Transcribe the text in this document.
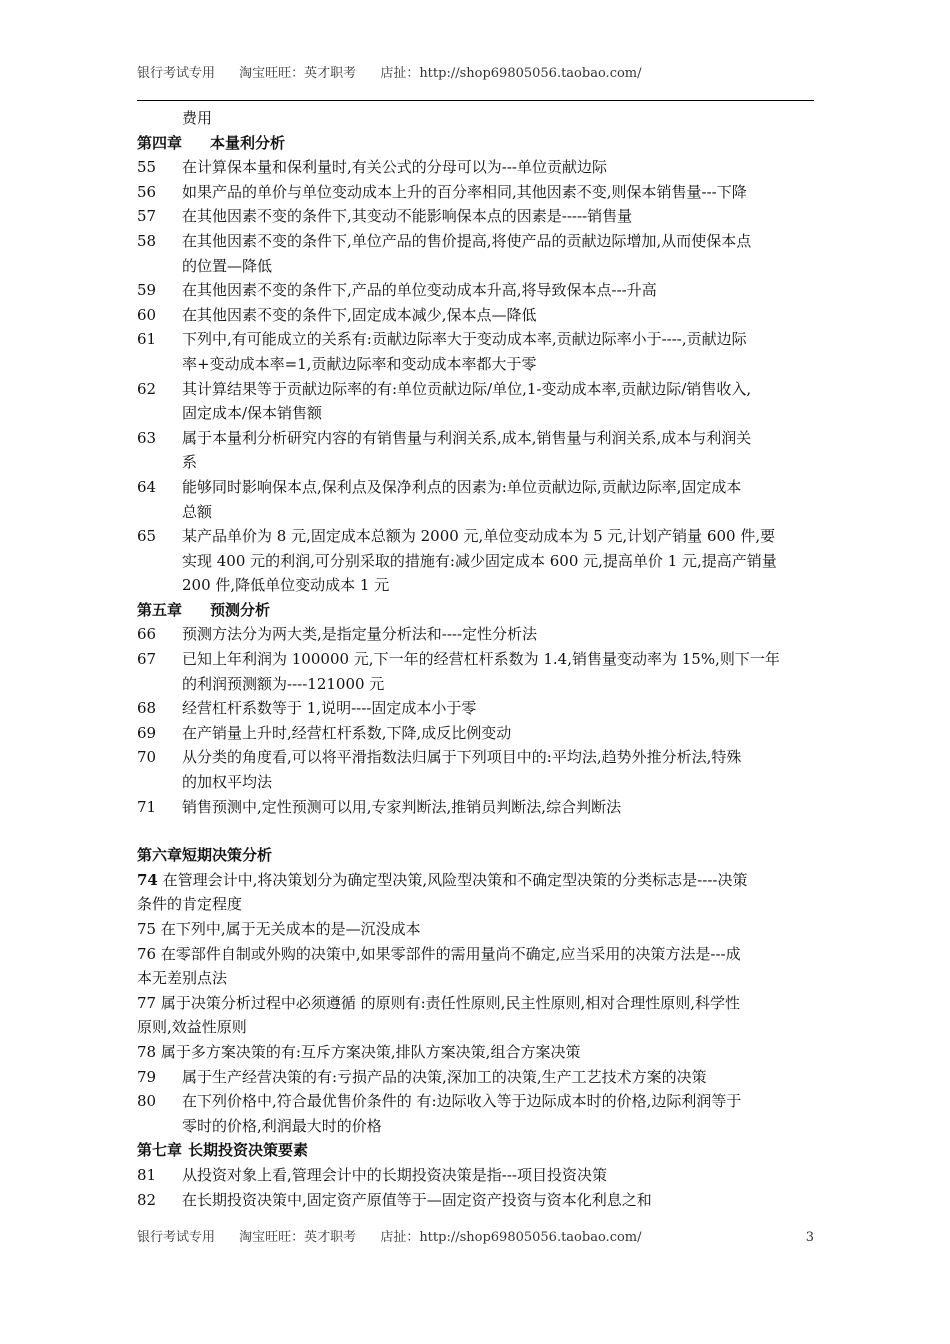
银行考试专用 淘宝旺旺：英才职考 店扯：http://shop69805056.taobao.com/
费用
第四章 本量利分析
55	在计算保本量和保利量时,有关公式的分母可以为---单位贡献边际
56	如果产品的单价与单位变动成本上升的百分率相同,其他因素不变,则保本销售量---下降
57	在其他因素不变的条件下,其变动不能影响保本点的因素是-----销售量
58	在其他因素不变的条件下,单位产品的售价提高,将使产品的贡献边际增加,从而使保本点
的位置—降低
59	在其他因素不变的条件下,产品的单位变动成本升高,将导致保本点---升高
60	在其他因素不变的条件下,固定成本减少,保本点—降低
61	下列中,有可能成立的关系有:贡献边际率大于变动成本率,贡献边际率小于----,贡献边际
率+变动成本率=1,贡献边际率和变动成本率都大于零
62	其计算结果等于贡献边际率的有:单位贡献边际/单位,1-变动成本率,贡献边际/销售收入,
固定成本/保本销售额
63	属于本量利分析研究内容的有销售量与利润关系,成本,销售量与利润关系,成本与利润关
系
64	能够同时影响保本点,保利点及保净利点的因素为:单位贡献边际,贡献边际率,固定成本
总额
65	某产品单价为 8 元,固定成本总额为 2000 元,单位变动成本为 5 元,计划产销量 600 件,要
实现 400 元的利润,可分别采取的措施有:减少固定成本 600 元,提高单价 1 元,提高产销量
200 件,降低单位变动成本 1 元
第五章 预测分析
66	预测方法分为两大类,是指定量分析法和----定性分析法
67	已知上年利润为 100000 元,下一年的经营杠杆系数为 1.4,销售量变动率为 15%,则下一年
的利润预测额为----121000 元
68	经营杠杆系数等于 1,说明----固定成本小于零
69	在产销量上升时,经营杠杆系数,下降,成反比例变动
70	从分类的角度看,可以将平滑指数法归属于下列项目中的:平均法,趋势外推分析法,特殊
的加权平均法
71	销售预测中,定性预测可以用,专家判断法,推销员判断法,综合判断法
第六章短期决策分析
74 在管理会计中,将决策划分为确定型决策,风险型决策和不确定型决策的分类标志是----决策
条件的肯定程度
75 在下列中,属于无关成本的是—沉没成本
76 在零部件自制或外购的决策中,如果零部件的需用量尚不确定,应当采用的决策方法是---成
本无差别点法
77 属于决策分析过程中必须遵循 的原则有:责任性原则,民主性原则,相对合理性原则,科学性
原则,效益性原则
78 属于多方案决策的有:互斥方案决策,排队方案决策,组合方案决策
79	属于生产经营决策的有:亏损产品的决策,深加工的决策,生产工艺技术方案的决策
80	在下列价格中,符合最优售价条件的 有:边际收入等于边际成本时的价格,边际利润等于
零时的价格,利润最大时的价格
第七章 长期投资决策要素
81	从投资对象上看,管理会计中的长期投资决策是指---项目投资决策
82	在长期投资决策中,固定资产原值等于—固定资产投资与资本化利息之和
银行考试专用 淘宝旺旺：英才职考 店扯：http://shop69805056.taobao.com/	3
